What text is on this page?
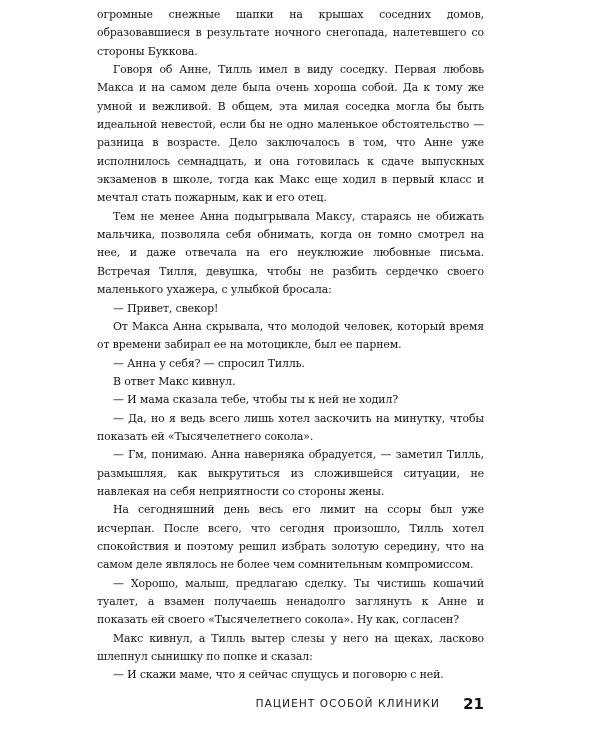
огромные снежные шапки на крышах соседних домов, образовавшиеся в результате ночного снегопада, налетевшего со стороны Буккова.

Говоря об Анне, Тилль имел в виду соседку. Первая любовь Макса и на самом деле была очень хороша собой. Да к тому же умной и вежливой. В общем, эта милая соседка могла бы быть идеальной невестой, если бы не одно маленькое обстоятельство — разница в возрасте. Дело заключалось в том, что Анне уже исполнилось семнадцать, и она готовилась к сдаче выпускных экзаменов в школе, тогда как Макс еще ходил в первый класс и мечтал стать пожарным, как и его отец.

Тем не менее Анна подыгрывала Максу, стараясь не обижать мальчика, позволяла себя обнимать, когда он томно смотрел на нее, и даже отвечала на его неуклюжие любовные письма. Встречая Тилля, девушка, чтобы не разбить сердечко своего маленького ухажера, с улыбкой бросала:

— Привет, свекор!

От Макса Анна скрывала, что молодой человек, который время от времени забирал ее на мотоцикле, был ее парнем.

— Анна у себя? — спросил Тилль.

В ответ Макс кивнул.

— И мама сказала тебе, чтобы ты к ней не ходил?

— Да, но я ведь всего лишь хотел заскочить на минутку, чтобы показать ей «Тысячелетнего сокола».

— Гм, понимаю. Анна наверняка обрадуется, — заметил Тилль, размышляя, как выкрутиться из сложившейся ситуации, не навлекая на себя неприятности со стороны жены.

На сегодняшний день весь его лимит на ссоры был уже исчерпан. После всего, что сегодня произошло, Тилль хотел спокойствия и поэтому решил избрать золотую середину, что на самом деле являлось не более чем сомнительным компромиссом.

— Хорошо, малыш, предлагаю сделку. Ты чистишь кошачий туалет, а взамен получаешь ненадолго заглянуть к Анне и показать ей своего «Тысячелетнего сокола». Ну как, согласен?

Макс кивнул, а Тилль вытер слезы у него на щеках, ласково шлепнул сынишку по попке и сказал:

— И скажи маме, что я сейчас спущусь и поговорю с ней.

ПАЦИЕНТ ОСОБОЙ КЛИНИКИ 21
